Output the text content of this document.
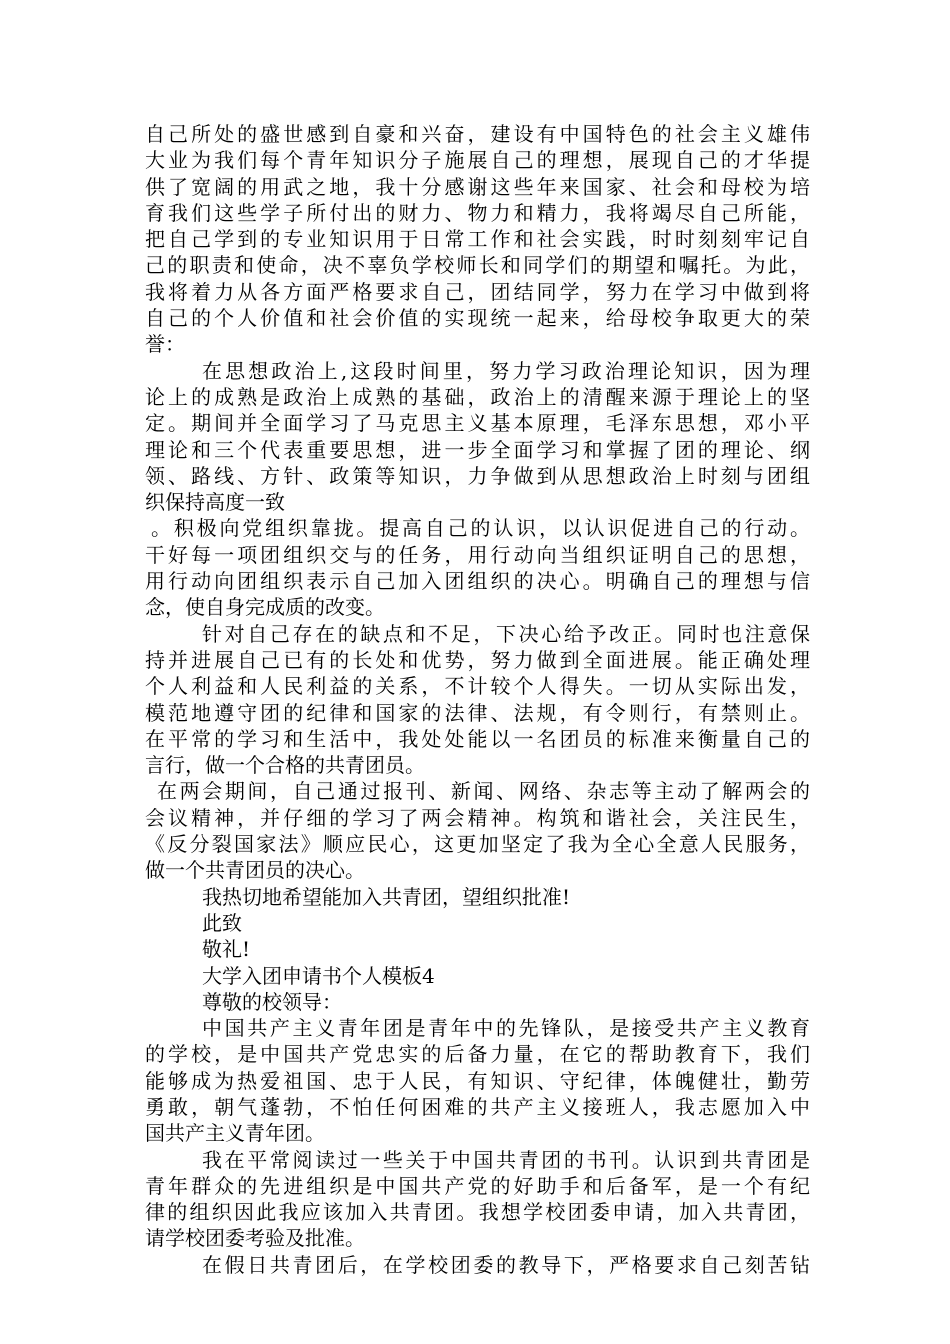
自己所处的盛世感到自豪和兴奋，建设有中国特色的社会主义雄伟
大业为我们每个青年知识分子施展自己的理想，展现自己的才华提
供了宽阔的用武之地，我十分感谢这些年来国家、社会和母校为培
育我们这些学子所付出的财力、物力和精力，我将竭尽自己所能，
把自己学到的专业知识用于日常工作和社会实践，时时刻刻牢记自
己的职责和使命，决不辜负学校师长和同学们的期望和嘱托。为此，
我将着力从各方面严格要求自己，团结同学，努力在学习中做到将
自己的个人价值和社会价值的实现统一起来，给母校争取更大的荣
誉：
在思想政治上,这段时间里，努力学习政治理论知识，因为理
论上的成熟是政治上成熟的基础，政治上的清醒来源于理论上的坚
定。期间并全面学习了马克思主义基本原理，毛泽东思想，邓小平
理论和三个代表重要思想，进一步全面学习和掌握了团的理论、纲
领、路线、方针、政策等知识，力争做到从思想政治上时刻与团组
织保持高度一致
。积极向党组织靠拢。提高自己的认识，以认识促进自己的行动。
干好每一项团组织交与的任务，用行动向当组织证明自己的思想，
用行动向团组织表示自己加入团组织的决心。明确自己的理想与信
念，使自身完成质的改变。
针对自己存在的缺点和不足，下决心给予改正。同时也注意保
持并进展自己已有的长处和优势，努力做到全面进展。能正确处理
个人利益和人民利益的关系，不计较个人得失。一切从实际出发，
模范地遵守团的纪律和国家的法律、法规，有令则行，有禁则止。
在平常的学习和生活中，我处处能以一名团员的标准来衡量自己的
言行，做一个合格的共青团员。
在两会期间，自己通过报刊、新闻、网络、杂志等主动了解两会的
会议精神，并仔细的学习了两会精神。构筑和谐社会，关注民生，
《反分裂国家法》顺应民心，这更加坚定了我为全心全意人民服务，
做一个共青团员的决心。
我热切地希望能加入共青团，望组织批准!
此致
敬礼!
大学入团申请书个人模板4
尊敬的校领导：
中国共产主义青年团是青年中的先锋队，是接受共产主义教育
的学校，是中国共产党忠实的后备力量，在它的帮助教育下，我们
能够成为热爱祖国、忠于人民，有知识、守纪律，体魄健壮，勤劳
勇敢，朝气蓬勃，不怕任何困难的共产主义接班人，我志愿加入中
国共产主义青年团。
我在平常阅读过一些关于中国共青团的书刊。认识到共青团是
青年群众的先进组织是中国共产党的好助手和后备军，是一个有纪
律的组织因此我应该加入共青团。我想学校团委申请，加入共青团，
请学校团委考验及批准。
在假日共青团后，在学校团委的教导下，严格要求自己刻苦钻
